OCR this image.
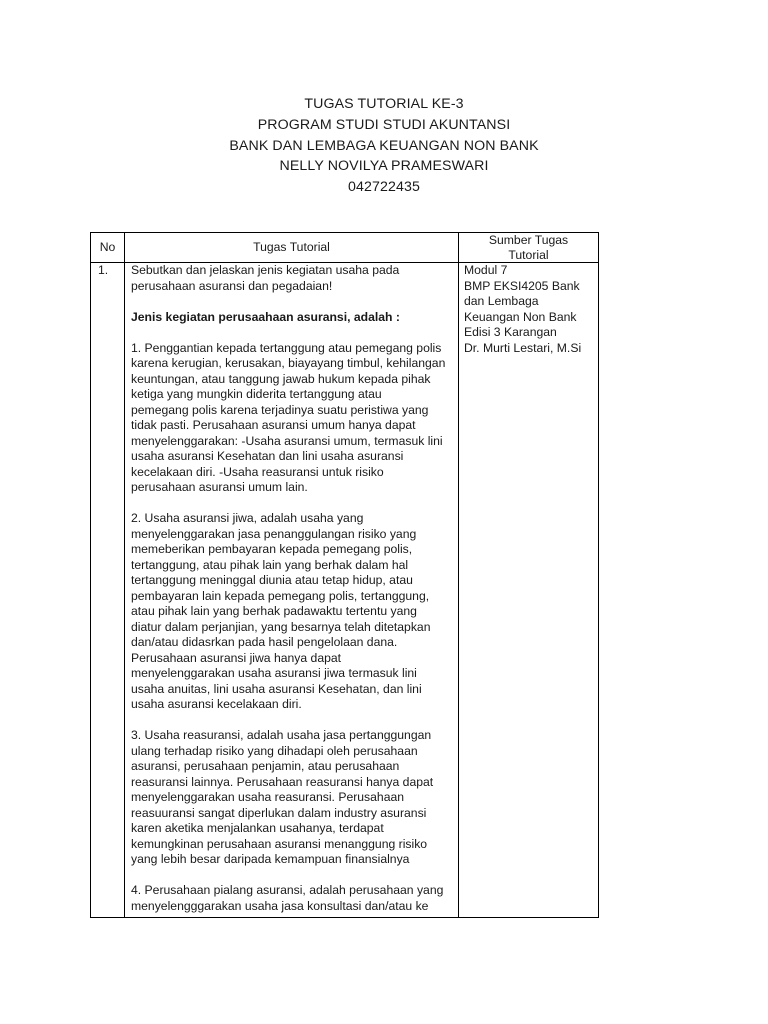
TUGAS TUTORIAL KE-3
PROGRAM STUDI STUDI AKUNTANSI
BANK DAN LEMBAGA KEUANGAN NON BANK
NELLY NOVILYA PRAMESWARI
042722435
No	Tugas Tutorial
Sumber Tugas
Tutorial
1. Sebutkan dan jelaskan jenis kegiatan usaha pada
perusahaan asuransi dan pegadaian!
Jenis kegiatan perusaahaan asuransi, adalah :
1. Penggantian kepada tertanggung atau pemegang polis
karena kerugian, kerusakan, biayayang timbul, kehilangan
keuntungan, atau tanggung jawab hukum kepada pihak
ketiga yang mungkin diderita tertanggung atau
pemegang polis karena terjadinya suatu peristiwa yang
tidak pasti. Perusahaan asuransi umum hanya dapat
menyelenggarakan: -Usaha asuransi umum, termasuk lini
usaha asuransi Kesehatan dan lini usaha asuransi
kecelakaan diri. -Usaha reasuransi untuk risiko
perusahaan asuransi umum lain.
2. Usaha asuransi jiwa, adalah usaha yang
menyelenggarakan jasa penanggulangan risiko yang
memeberikan pembayaran kepada pemegang polis,
tertanggung, atau pihak lain yang berhak dalam hal
tertanggung meninggal diunia atau tetap hidup, atau
pembayaran lain kepada pemegang polis, tertanggung,
atau pihak lain yang berhak padawaktu tertentu yang
diatur dalam perjanjian, yang besarnya telah ditetapkan
dan/atau didasrkan pada hasil pengelolaan dana.
Perusahaan asuransi jiwa hanya dapat
menyelenggarakan usaha asuransi jiwa termasuk lini
usaha anuitas, lini usaha asuransi Kesehatan, dan lini
usaha asuransi kecelakaan diri.
3. Usaha reasuransi, adalah usaha jasa pertanggungan
ulang terhadap risiko yang dihadapi oleh perusahaan
asuransi, perusahaan penjamin, atau perusahaan
reasuransi lainnya. Perusahaan reasuransi hanya dapat
menyelenggarakan usaha reasuransi. Perusahaan
reasuuransi sangat diperlukan dalam industry asuransi
karen aketika menjalankan usahanya, terdapat
kemungkinan perusahaan asuransi menanggung risiko
yang lebih besar daripada kemampuan finansialnya
4. Perusahaan pialang asuransi, adalah perusahaan yang
menyelengggarakan usaha jasa konsultasi dan/atau ke
Modul 7
BMP EKSI4205 Bank
dan Lembaga
Keuangan Non Bank
Edisi 3 Karangan
Dr. Murti Lestari, M.Si
